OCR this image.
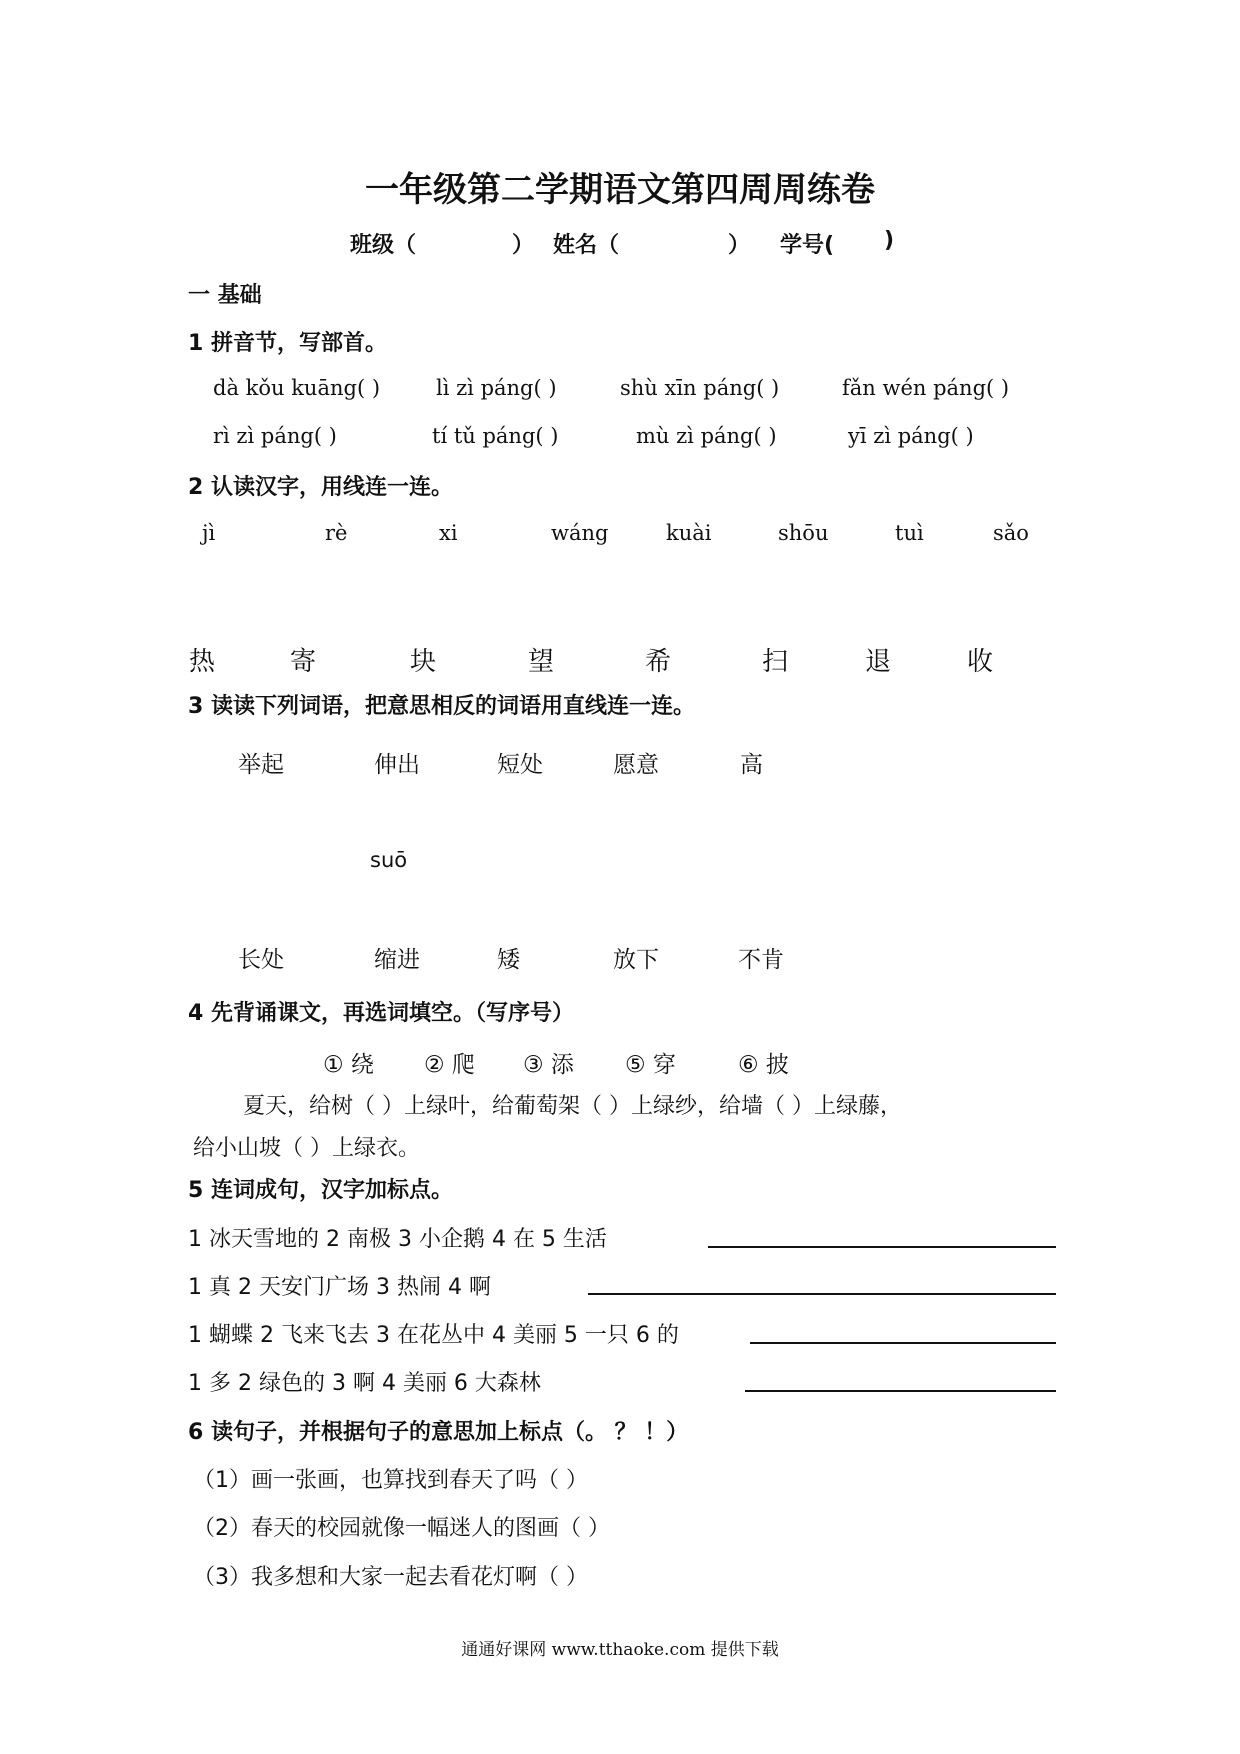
一年级第二学期语文第四周周练卷
班级（	） 姓名（	） 学号( )
一 基础
1 拼音节，写部首。
dà kǒu kuāng( )	lì zì páng( )	shù xīn páng( )	fǎn wén páng( )
rì zì páng( )	tí tǔ páng( )	mù zì páng( )	yī zì páng( )
2 认读汉字，用线连一连。
jì	rè	xi	wáng	kuài	shōu	tuì	sǎo
热	寄	块	望	希	扫	退	收
3 读读下列词语，把意思相反的词语用直线连一连。
举起	伸出	短处	愿意	高
suō
长处	缩进	矮	放下	不肯
4 先背诵课文，再选词填空。（写序号）
① 绕 ② 爬 ③ 添 ⑤ 穿	⑥ 披
夏天，给树（ ）上绿叶，给葡萄架（ ）上绿纱，给墙（ ）上绿藤，
给小山坡（ ）上绿衣。
5 连词成句，汉字加标点。
1 冰天雪地的 2 南极 3 小企鹅 4 在 5 生活
1 真 2 天安门广场 3 热闹 4 啊
1 蝴蝶 2 飞来飞去 3 在花丛中 4 美丽 5 一只 6 的
1 多 2 绿色的 3 啊 4 美丽 6 大森林
6 读句子，并根据句子的意思加上标点（。 ？ ！）
（1）画一张画，也算找到春天了吗（ ）
（2）春天的校园就像一幅迷人的图画（ ）
（3）我多想和大家一起去看花灯啊（ ）
通通好课网 www.tthaoke.com 提供下载
